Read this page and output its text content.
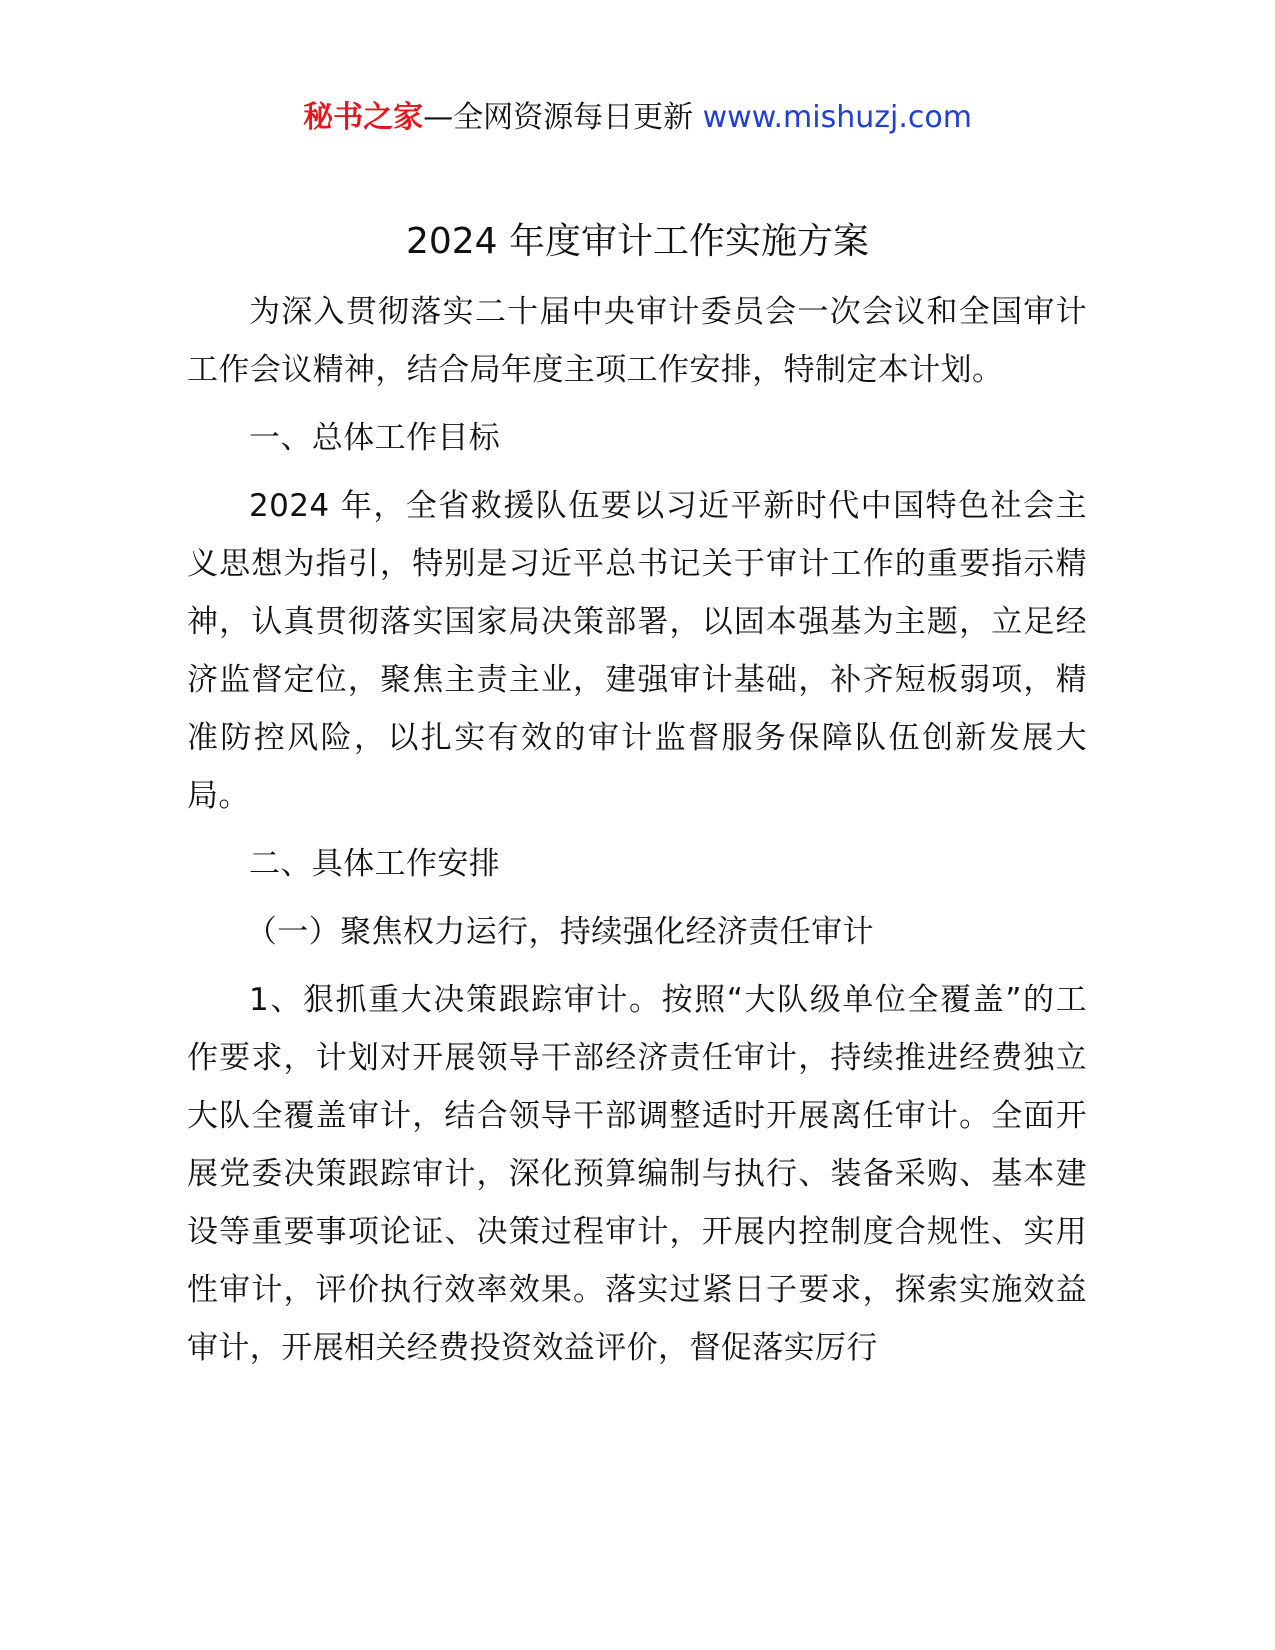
秘书之家—全网资源每日更新 www.mishuzj.com
2024 年度审计工作实施方案

为深入贯彻落实二十届中央审计委员会一次会议和全国审计工作会议精神，结合局年度主项工作安排，特制定本计划。

一、总体工作目标

2024 年，全省救援队伍要以习近平新时代中国特色社会主义思想为指引，特别是习近平总书记关于审计工作的重要指示精神，认真贯彻落实国家局决策部署，以固本强基为主题，立足经济监督定位，聚焦主责主业，建强审计基础，补齐短板弱项，精准防控风险，以扎实有效的审计监督服务保障队伍创新发展大局。

二、具体工作安排

（一）聚焦权力运行，持续强化经济责任审计

1、狠抓重大决策跟踪审计。按照“大队级单位全覆盖”的工作要求，计划对开展领导干部经济责任审计，持续推进经费独立大队全覆盖审计，结合领导干部调整适时开展离任审计。全面开展党委决策跟踪审计，深化预算编制与执行、装备采购、基本建设等重要事项论证、决策过程审计，开展内控制度合规性、实用性审计，评价执行效率效果。落实过紧日子要求，探索实施效益审计，开展相关经费投资效益评价，督促落实厉行
